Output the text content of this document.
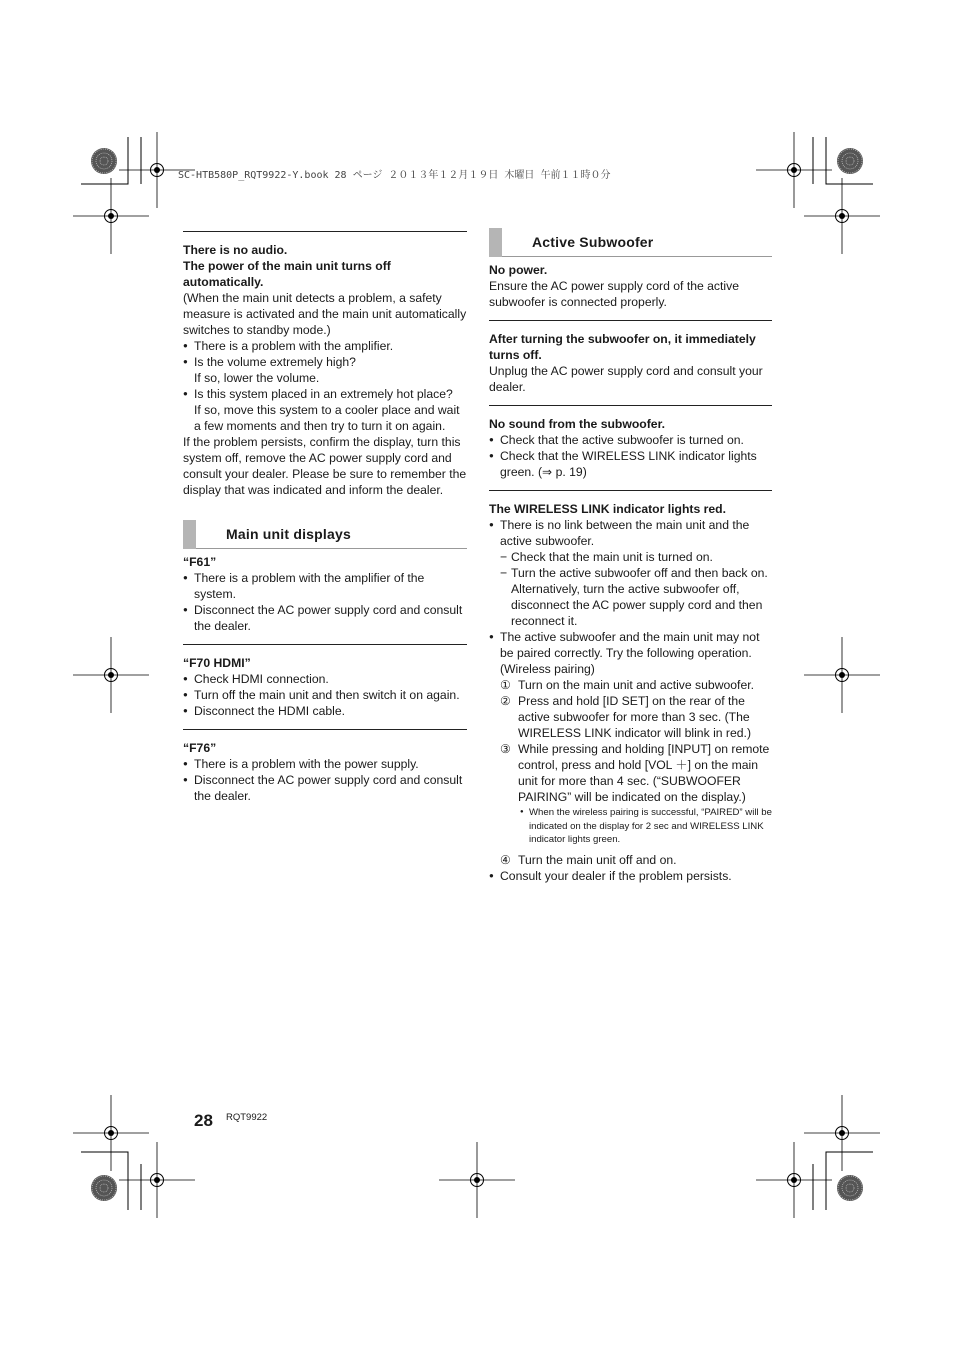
SC-HTB580P_RQT9922-Y.book 28 ページ ２０１３年１２月１９日 木曜日 午前１１時０分

There is no audio.

The power of the main unit turns off automatically.

(When the main unit detects a problem, a safety measure is activated and the main unit automatically switches to standby mode.)

● There is a problem with the amplifier.

● Is the volume extremely high?

If so, lower the volume.

● Is this system placed in an extremely hot place?

If so, move this system to a cooler place and wait a few moments and then try to turn it on again.

If the problem persists, confirm the display, turn this system off, remove the AC power supply cord and consult your dealer. Please be sure to remember the display that was indicated and inform the dealer.

Main unit displays

“F61”

● There is a problem with the amplifier of the system.

● Disconnect the AC power supply cord and consult the dealer.

“F70 HDMI”

● Check HDMI connection.

● Turn off the main unit and then switch it on again.

● Disconnect the HDMI cable.

“F76”

● There is a problem with the power supply.

● Disconnect the AC power supply cord and consult the dealer.

Active Subwoofer

No power.

Ensure the AC power supply cord of the active subwoofer is connected properly.

After turning the subwoofer on, it immediately turns off.

Unplug the AC power supply cord and consult your dealer.

No sound from the subwoofer.

● Check that the active subwoofer is turned on.

● Check that the WIRELESS LINK indicator lights green. (⇒ p. 19)

The WIRELESS LINK indicator lights red.

● There is no link between the main unit and the active subwoofer.

− Check that the main unit is turned on.

− Turn the active subwoofer off and then back on. Alternatively, turn the active subwoofer off, disconnect the AC power supply cord and then reconnect it.

● The active subwoofer and the main unit may not be paired correctly. Try the following operation. (Wireless pairing)

① Turn on the main unit and active subwoofer.

② Press and hold [ID SET] on the rear of the active subwoofer for more than 3 sec. (The WIRELESS LINK indicator will blink in red.)

③ While pressing and holding [INPUT] on remote control, press and hold [VOL ＋] on the main unit for more than 4 sec. (“SUBWOOFER PAIRING” will be indicated on the display.)

● When the wireless pairing is successful, “PAIRED” will be indicated on the display for 2 sec and WIRELESS LINK indicator lights green.

④ Turn the main unit off and on.

● Consult your dealer if the problem persists.

28 RQT9922
